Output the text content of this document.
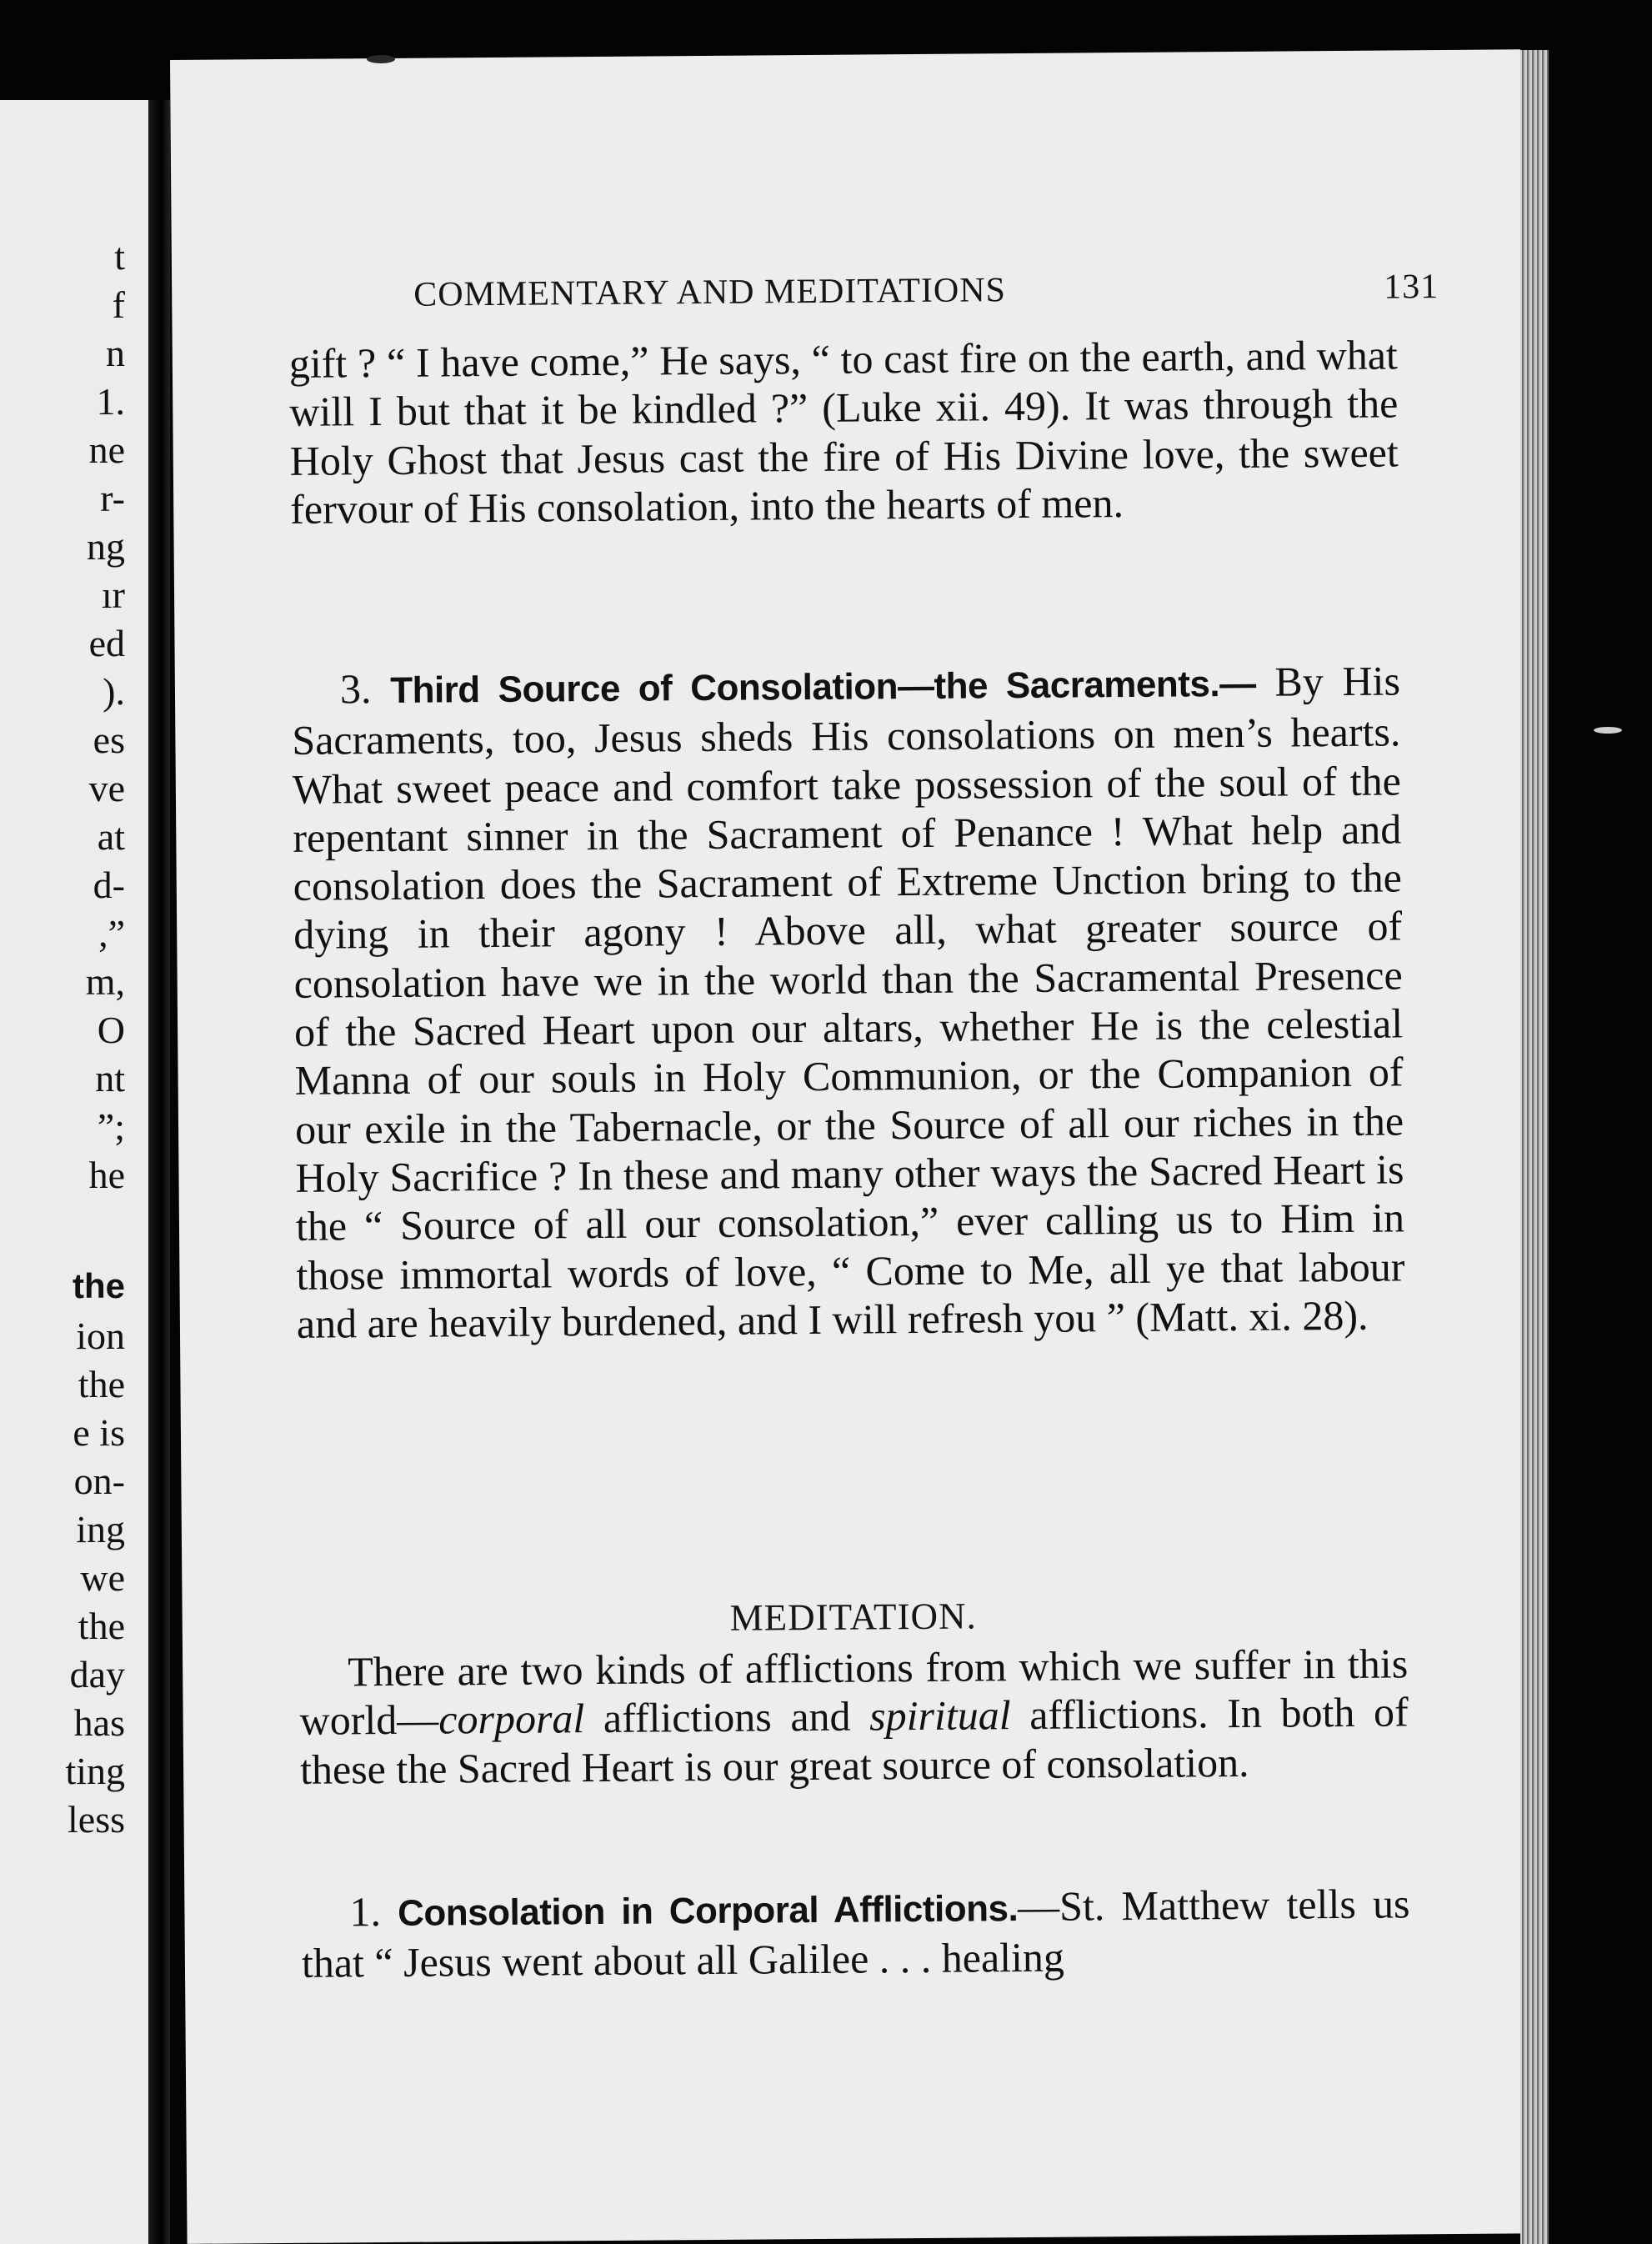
t
f
n
1.
ne
r-
ng
ır
ed
).
es
ve
at
d-
,”
m,
O
nt
”;
he
the
ion
the
e is
on-
ing
we
the
day
has
ting
less
COMMENTARY AND MEDITATIONS	131

gift ? “ I have come,” He says, “ to cast fire on the earth, and what will I but that it be kindled ?” (Luke xii. 49). It was through the Holy Ghost that Jesus cast the fire of His Divine love, the sweet fervour of His consolation, into the hearts of men.

3. Third Source of Consolation—the Sacraments.— By His Sacraments, too, Jesus sheds His consolations on men’s hearts. What sweet peace and comfort take possession of the soul of the repentant sinner in the Sacrament of Penance ! What help and consolation does the Sacrament of Extreme Unction bring to the dying in their agony ! Above all, what greater source of consolation have we in the world than the Sacramental Presence of the Sacred Heart upon our altars, whether He is the celestial Manna of our souls in Holy Communion, or the Companion of our exile in the Tabernacle, or the Source of all our riches in the Holy Sacrifice ? In these and many other ways the Sacred Heart is the “ Source of all our consolation,” ever calling us to Him in those immortal words of love, “ Come to Me, all ye that labour and are heavily burdened, and I will refresh you ” (Matt. xi. 28).

MEDITATION.

There are two kinds of afflictions from which we suffer in this world—corporal afflictions and spiritual afflictions. In both of these the Sacred Heart is our great source of consolation.

1. Consolation in Corporal Afflictions.—St. Matthew tells us that “ Jesus went about all Galilee . . . healing
